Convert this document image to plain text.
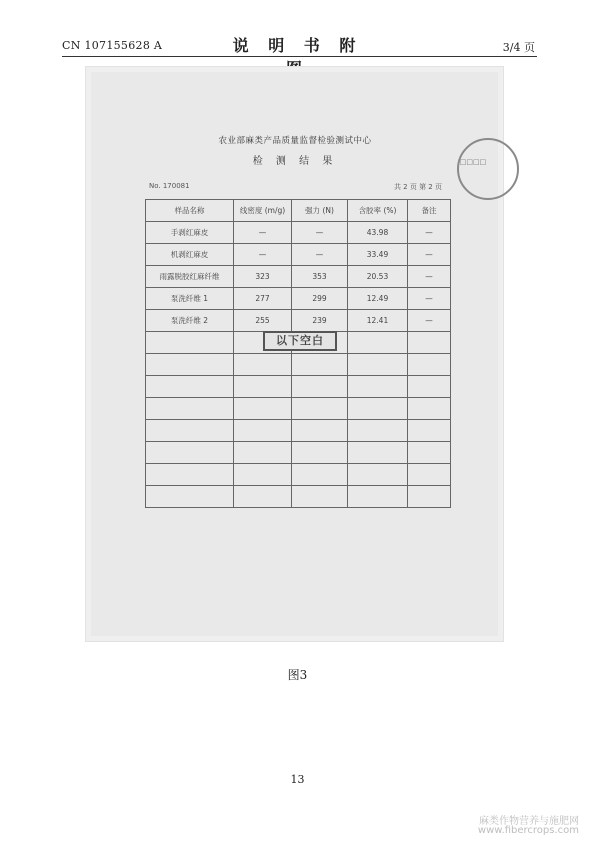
CN 107155628 A	说 明 书 附	3/4 页
农业部麻类产品质量监督检验测试中心
检 测 结 果
No. 170081	共 2 页 第 2 页
□□□□
样品名称	线密度 (m/g)	强力 (N)	含胶率 (%)	备注
手剥红麻皮	—	—	43.98	—
机剥红麻皮	—	—	33.49	—
雨露脱胶红麻纤维	323	353	20.53	—
泵洗纤维 1	277	299	12.49	—
泵洗纤维 2	255	239	12.41	—

以下空白
图3
13
麻类作物营养与施肥网
www.fibercrops.com
